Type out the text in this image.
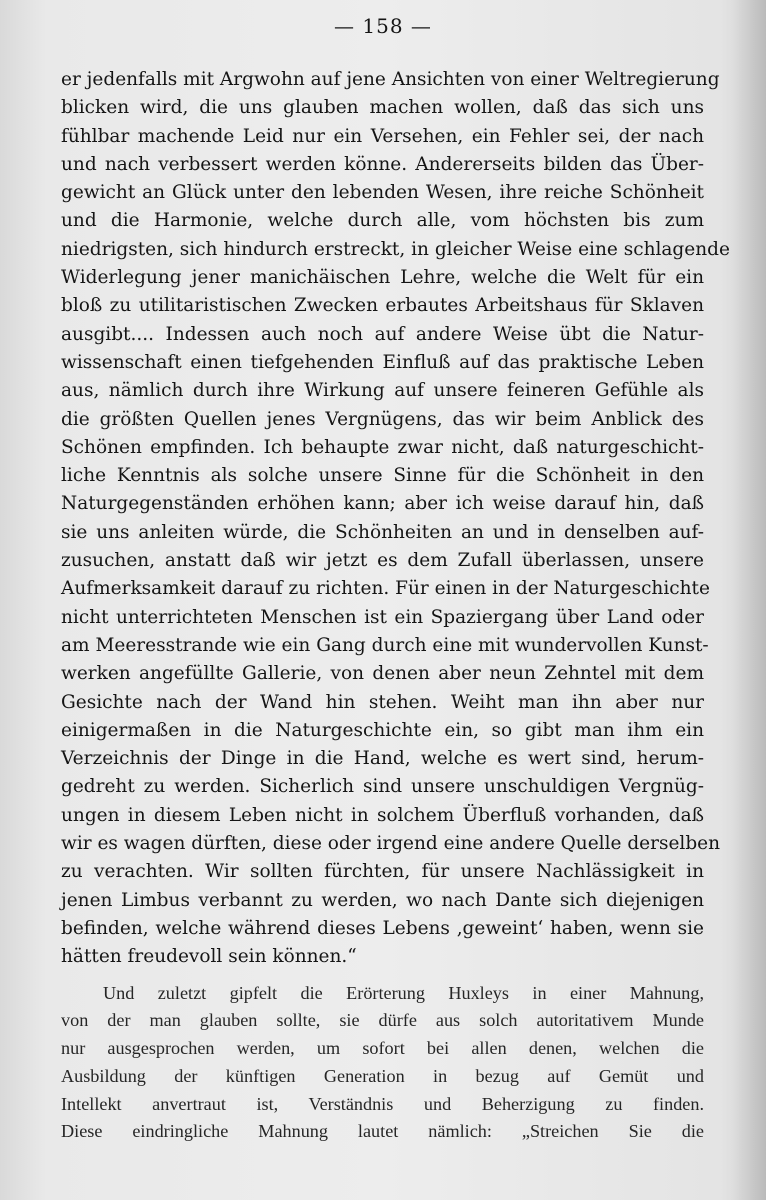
— 158 —
er jedenfalls mit Argwohn auf jene Ansichten von einer Weltregierung
blicken wird, die uns glauben machen wollen, daß das sich uns
fühlbar machende Leid nur ein Versehen, ein Fehler sei, der nach
und nach verbessert werden könne. Andererseits bilden das Über-
gewicht an Glück unter den lebenden Wesen, ihre reiche Schönheit
und die Harmonie, welche durch alle, vom höchsten bis zum
niedrigsten, sich hindurch erstreckt, in gleicher Weise eine schlagende
Widerlegung jener manichäischen Lehre, welche die Welt für ein
bloß zu utilitaristischen Zwecken erbautes Arbeitshaus für Sklaven
ausgibt.... Indessen auch noch auf andere Weise übt die Natur-
wissenschaft einen tiefgehenden Einfluß auf das praktische Leben
aus, nämlich durch ihre Wirkung auf unsere feineren Gefühle als
die größten Quellen jenes Vergnügens, das wir beim Anblick des
Schönen empfinden. Ich behaupte zwar nicht, daß naturgeschicht-
liche Kenntnis als solche unsere Sinne für die Schönheit in den
Naturgegenständen erhöhen kann; aber ich weise darauf hin, daß
sie uns anleiten würde, die Schönheiten an und in denselben auf-
zusuchen, anstatt daß wir jetzt es dem Zufall überlassen, unsere
Aufmerksamkeit darauf zu richten. Für einen in der Naturgeschichte
nicht unterrichteten Menschen ist ein Spaziergang über Land oder
am Meeresstrande wie ein Gang durch eine mit wundervollen Kunst-
werken angefüllte Gallerie, von denen aber neun Zehntel mit dem
Gesichte nach der Wand hin stehen. Weiht man ihn aber nur
einigermaßen in die Naturgeschichte ein, so gibt man ihm ein
Verzeichnis der Dinge in die Hand, welche es wert sind, herum-
gedreht zu werden. Sicherlich sind unsere unschuldigen Vergnüg-
ungen in diesem Leben nicht in solchem Überfluß vorhanden, daß
wir es wagen dürften, diese oder irgend eine andere Quelle derselben
zu verachten. Wir sollten fürchten, für unsere Nachlässigkeit in
jenen Limbus verbannt zu werden, wo nach Dante sich diejenigen
befinden, welche während dieses Lebens ‚geweint‘ haben, wenn sie
hätten freudevoll sein können.“
Und zuletzt gipfelt die Erörterung Huxleys in einer Mahnung,
von der man glauben sollte, sie dürfe aus solch autoritativem Munde
nur ausgesprochen werden, um sofort bei allen denen, welchen die
Ausbildung der künftigen Generation in bezug auf Gemüt und
Intellekt anvertraut ist, Verständnis und Beherzigung zu finden.
Diese eindringliche Mahnung lautet nämlich: „Streichen Sie die
